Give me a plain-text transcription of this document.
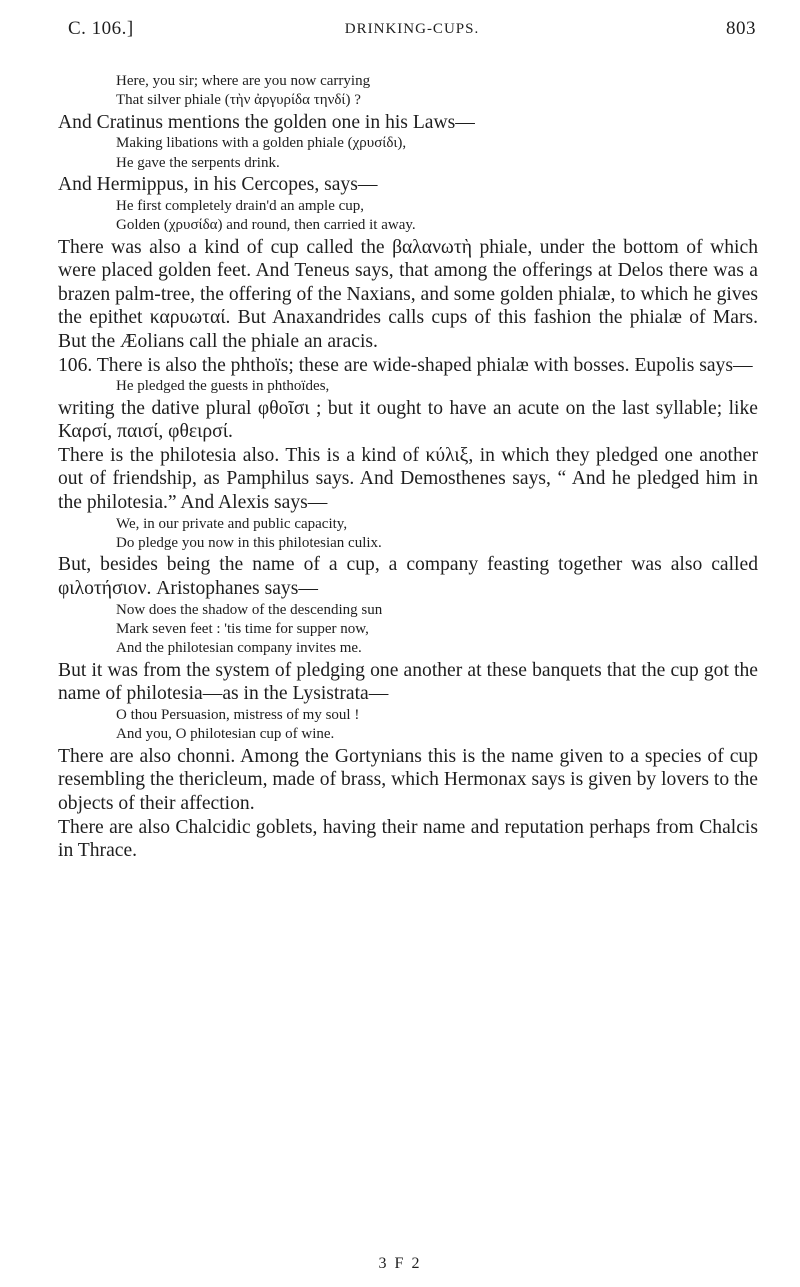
C. 106.]	DRINKING-CUPS.	803

Here, you sir; where are you now carrying

That silver phiale (τὴν ἀργυρίδα τηνδί) ?

And Cratinus mentions the golden one in his Laws—

Making libations with a golden phiale (χρυσίδι),

He gave the serpents drink.

And Hermippus, in his Cercopes, says—

He first completely drain'd an ample cup,

Golden (χρυσίδα) and round, then carried it away.

There was also a kind of cup called the βαλανωτὴ phiale, under the bottom of which were placed golden feet. And Teneus says, that among the offerings at Delos there was a brazen palm-tree, the offering of the Naxians, and some golden phialæ, to which he gives the epithet καρυωταί. But Anaxandrides calls cups of this fashion the phialæ of Mars. But the Æolians call the phiale an aracis.

106. There is also the phthoïs; these are wide-shaped phialæ with bosses. Eupolis says—

He pledged the guests in phthoïdes,

writing the dative plural φθοῖσι ; but it ought to have an acute on the last syllable; like Καρσί, παισί, φθειρσί.

There is the philotesia also. This is a kind of κύλιξ, in which they pledged one another out of friendship, as Pamphilus says. And Demosthenes says, “ And he pledged him in the philotesia.” And Alexis says—

We, in our private and public capacity,

Do pledge you now in this philotesian culix.

But, besides being the name of a cup, a company feasting together was also called φιλοτήσιον. Aristophanes says—

Now does the shadow of the descending sun

Mark seven feet : 'tis time for supper now,

And the philotesian company invites me.

But it was from the system of pledging one another at these banquets that the cup got the name of philotesia—as in the Lysistrata—

O thou Persuasion, mistress of my soul !

And you, O philotesian cup of wine.

There are also chonni. Among the Gortynians this is the name given to a species of cup resembling the thericleum, made of brass, which Hermonax says is given by lovers to the objects of their affection.

There are also Chalcidic goblets, having their name and reputation perhaps from Chalcis in Thrace.

3 F 2
